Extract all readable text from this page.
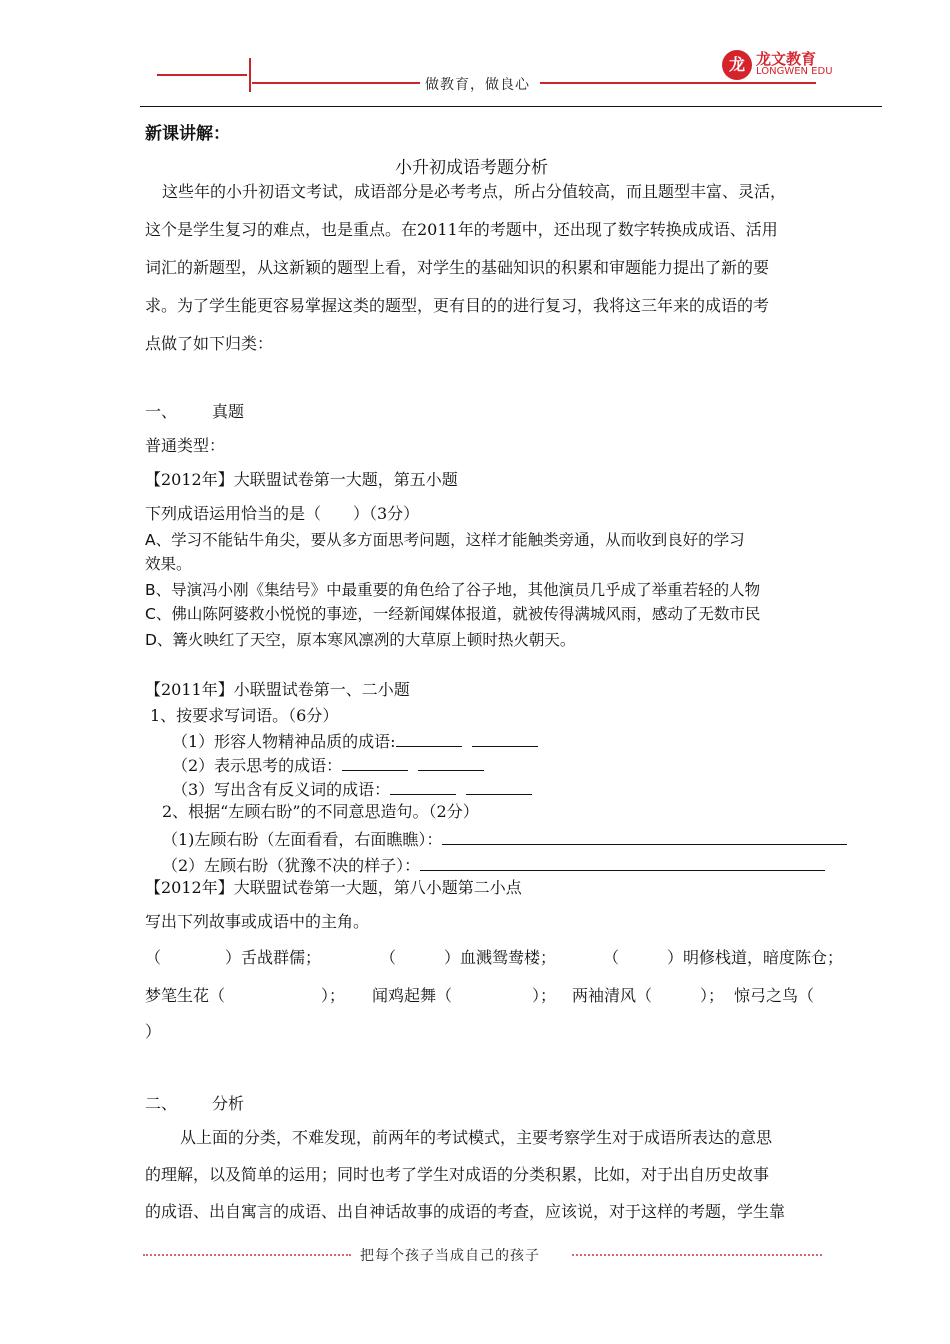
做教育，做良心
龙 龙文教育
LONGWEN EDU
新课讲解：
小升初成语考题分析
这些年的小升初语文考试，成语部分是必考考点，所占分值较高，而且题型丰富、灵活，
这个是学生复习的难点，也是重点。在2011年的考题中，还出现了数字转换成成语、活用
词汇的新题型，从这新颖的题型上看，对学生的基础知识的积累和审题能力提出了新的要
求。为了学生能更容易掌握这类的题型，更有目的的进行复习，我将这三年来的成语的考
点做了如下归类：
一、 真题
普通类型：
【2012年】大联盟试卷第一大题，第五小题
下列成语运用恰当的是（　　）（3分）
A、学习不能钻牛角尖，要从多方面思考问题，这样才能触类旁通，从而收到良好的学习
效果。
B、导演冯小刚《集结号》中最重要的角色给了谷子地，其他演员几乎成了举重若轻的人物
C、佛山陈阿婆救小悦悦的事迹，一经新闻媒体报道，就被传得满城风雨，感动了无数市民
D、篝火映红了天空，原本寒风凛冽的大草原上顿时热火朝天。
【2011年】小联盟试卷第一、二小题
1、按要求写词语。（6分）
（1）形容人物精神品质的成语:
（2）表示思考的成语：
（3）写出含有反义词的成语：
2、根据“左顾右盼”的不同意思造句。（2分）
（1)左顾右盼（左面看看，右面瞧瞧）：
（2）左顾右盼（犹豫不决的样子）：
【2012年】大联盟试卷第一大题，第八小题第二小点
写出下列故事或成语中的主角。
（　　　　）舌战群儒；	（　　　）血溅鸳鸯楼；	（　　　）明修栈道，暗度陈仓；
梦笔生花（　　　　　　）； 闻鸡起舞（　　　　　）； 两袖清风（　　　）； 惊弓之鸟（
）
二、 分析
从上面的分类，不难发现，前两年的考试模式，主要考察学生对于成语所表达的意思
的理解，以及简单的运用；同时也考了学生对成语的分类积累，比如，对于出自历史故事
的成语、出自寓言的成语、出自神话故事的成语的考查，应该说，对于这样的考题，学生靠
把每个孩子当成自己的孩子
